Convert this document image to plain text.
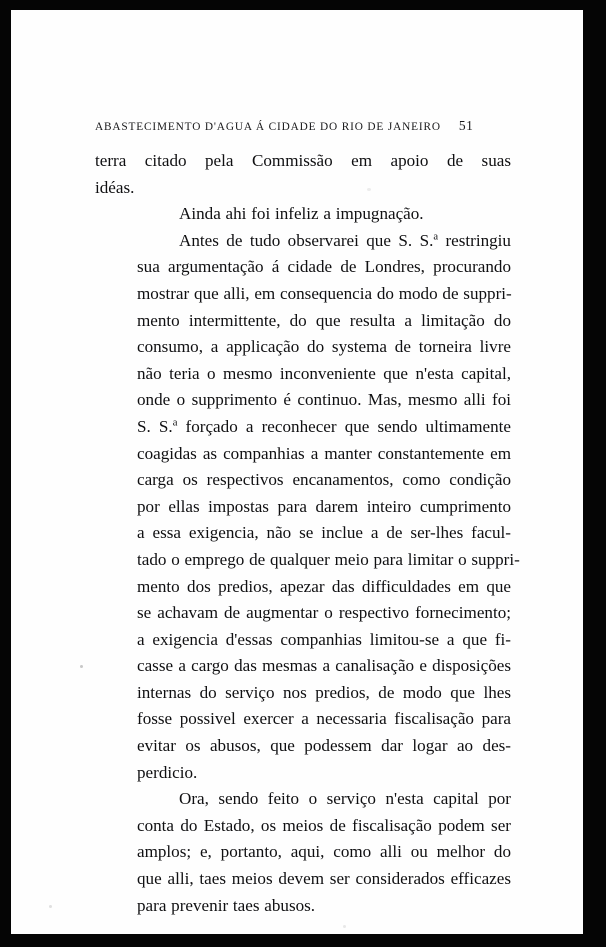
ABASTECIMENTO D'AGUA Á CIDADE DO RIO DE JANEIRO 51

terra citado pela Commissão em apoio de suas
idéas.

Ainda ahi foi infeliz a impugnação.

Antes de tudo observarei que S. S.$^a$ restringiu
sua argumentação á cidade de Londres, procurando
mostrar que alli, em consequencia do modo de suppri-
mento intermittente, do que resulta a limitação do
consumo, a applicação do systema de torneira livre
não teria o mesmo inconveniente que n'esta capital,
onde o supprimento é continuo. Mas, mesmo alli foi
S. S.$^a$ forçado a reconhecer que sendo ultimamente
coagidas as companhias a manter constantemente em
carga os respectivos encanamentos, como condição
por ellas impostas para darem inteiro cumprimento
a essa exigencia, não se inclue a de ser-lhes facul-
tado o emprego de qualquer meio para limitar o suppri-
mento dos predios, apezar das difficuldades em que
se achavam de augmentar o respectivo fornecimento;
a exigencia d'essas companhias limitou-se a que fi-
casse a cargo das mesmas a canalisação e disposições
internas do serviço nos predios, de modo que lhes
fosse possivel exercer a necessaria fiscalisação para
evitar os abusos, que podessem dar logar ao des-
perdicio.

Ora, sendo feito o serviço n'esta capital por
conta do Estado, os meios de fiscalisação podem ser
amplos; e, portanto, aqui, como alli ou melhor do
que alli, taes meios devem ser considerados efficazes
para prevenir taes abusos.
